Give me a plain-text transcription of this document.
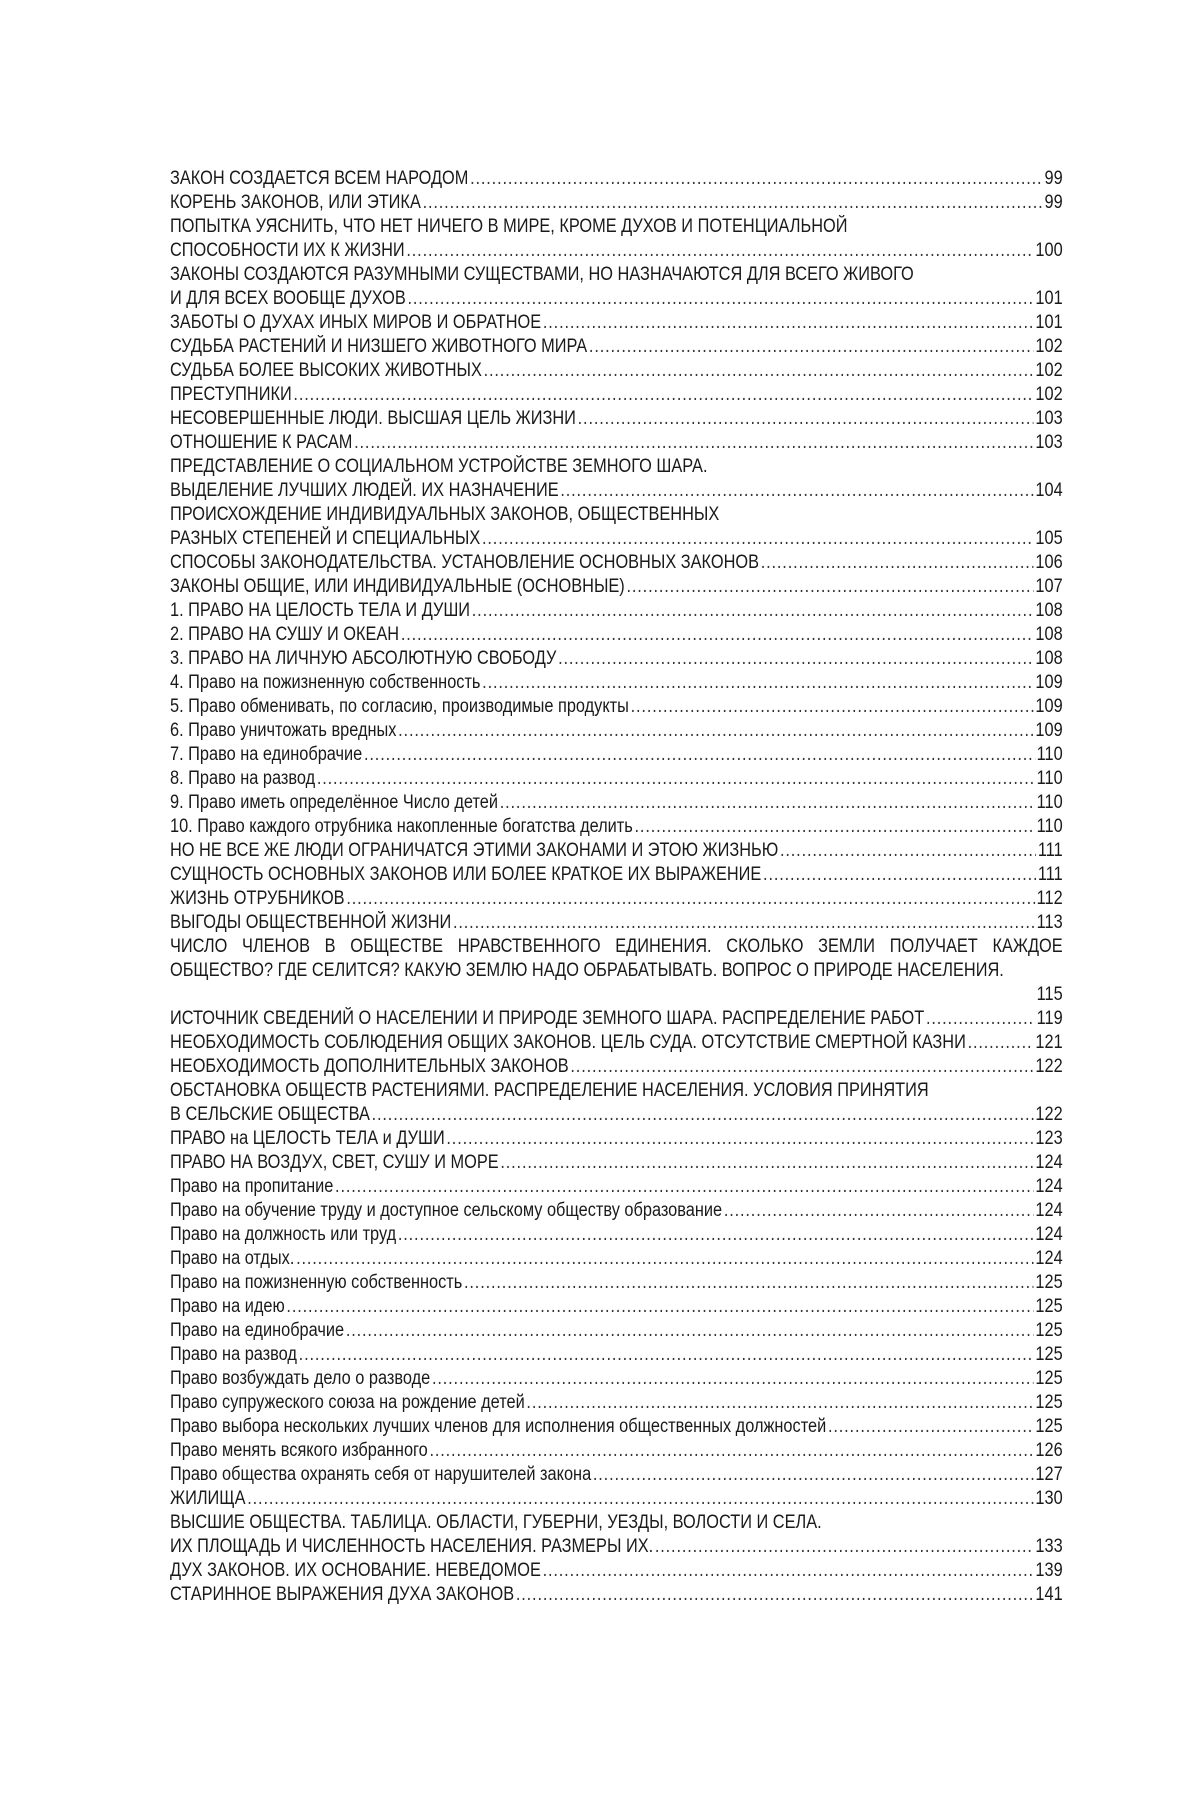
ЗАКОН СОЗДАЕТСЯ ВСЕМ НАРОДОМ .....	99
КОРЕНЬ ЗАКОНОВ, ИЛИ ЭТИКА .....	99
ПОПЫТКА УЯСНИТЬ, ЧТО НЕТ НИЧЕГО В МИРЕ, КРОМЕ ДУХОВ И ПОТЕНЦИАЛЬНОЙ
СПОСОБНОСТИ ИХ К ЖИЗНИ .....	100
ЗАКОНЫ СОЗДАЮТСЯ РАЗУМНЫМИ СУЩЕСТВАМИ, НО НАЗНАЧАЮТСЯ ДЛЯ ВСЕГО ЖИВОГО
И ДЛЯ ВСЕХ ВООБЩЕ ДУХОВ .....	101
ЗАБОТЫ О ДУХАХ ИНЫХ МИРОВ И ОБРАТНОЕ .....	101
СУДЬБА РАСТЕНИЙ И НИЗШЕГО ЖИВОТНОГО МИРА .....	102
СУДЬБА БОЛЕЕ ВЫСОКИХ ЖИВОТНЫХ .....	102
ПРЕСТУПНИКИ .....	102
НЕСОВЕРШЕННЫЕ ЛЮДИ. ВЫСШАЯ ЦЕЛЬ ЖИЗНИ .....	103
ОТНОШЕНИЕ К РАСАМ .....	103
ПРЕДСТАВЛЕНИЕ О СОЦИАЛЬНОМ УСТРОЙСТВЕ ЗЕМНОГО ШАРА.
ВЫДЕЛЕНИЕ ЛУЧШИХ ЛЮДЕЙ. ИХ НАЗНАЧЕНИЕ .....	104
ПРОИСХОЖДЕНИЕ ИНДИВИДУАЛЬНЫХ ЗАКОНОВ, ОБЩЕСТВЕННЫХ
РАЗНЫХ СТЕПЕНЕЙ И СПЕЦИАЛЬНЫХ .....	105
СПОСОБЫ ЗАКОНОДАТЕЛЬСТВА. УСТАНОВЛЕНИЕ ОСНОВНЫХ ЗАКОНОВ .....	106
ЗАКОНЫ ОБЩИЕ, ИЛИ ИНДИВИДУАЛЬНЫЕ (ОСНОВНЫЕ) .....	107
1. ПРАВО НА ЦЕЛОСТЬ ТЕЛА И ДУШИ .....	108
2. ПРАВО НА СУШУ И ОКЕАН .....	108
3. ПРАВО НА ЛИЧНУЮ АБСОЛЮТНУЮ СВОБОДУ .....	108
4. Право на пожизненную собственность .....	109
5. Право обменивать, по согласию, производимые продукты .....	109
6. Право уничтожать вредных .....	109
7. Право на единобрачие .....	110
8. Право на развод .....	110
9. Право иметь определённое Число детей .....	110
10. Право каждого отрубника накопленные богатства делить .....	110
НО НЕ ВСЕ ЖЕ ЛЮДИ ОГРАНИЧАТСЯ ЭТИМИ ЗАКОНАМИ И ЭТОЮ ЖИЗНЬЮ .....	111
СУЩНОСТЬ ОСНОВНЫХ ЗАКОНОВ ИЛИ БОЛЕЕ КРАТКОЕ ИХ ВЫРАЖЕНИЕ .....	111
ЖИЗНЬ ОТРУБНИКОВ .....	112
ВЫГОДЫ ОБЩЕСТВЕННОЙ ЖИЗНИ .....	113
ЧИСЛО ЧЛЕНОВ В ОБЩЕСТВЕ НРАВСТВЕННОГО ЕДИНЕНИЯ. СКОЛЬКО ЗЕМЛИ ПОЛУЧАЕТ КАЖДОЕ ОБЩЕСТВО? ГДЕ СЕЛИТСЯ? КАКУЮ ЗЕМЛЮ НАДО ОБРАБАТЫВАТЬ. ВОПРОС О ПРИРОДЕ НАСЕЛЕНИЯ.
115
ИСТОЧНИК СВЕДЕНИЙ О НАСЕЛЕНИИ И ПРИРОДЕ ЗЕМНОГО ШАРА. РАСПРЕДЕЛЕНИЕ РАБОТ .....	119
НЕОБХОДИМОСТЬ СОБЛЮДЕНИЯ ОБЩИХ ЗАКОНОВ. ЦЕЛЬ СУДА. ОТСУТСТВИЕ СМЕРТНОЙ КАЗНИ .....	121
НЕОБХОДИМОСТЬ ДОПОЛНИТЕЛЬНЫХ ЗАКОНОВ .....	122
ОБСТАНОВКА ОБЩЕСТВ РАСТЕНИЯМИ. РАСПРЕДЕЛЕНИЕ НАСЕЛЕНИЯ. УСЛОВИЯ ПРИНЯТИЯ
В СЕЛЬСКИЕ ОБЩЕСТВА .....	122
ПРАВО на ЦЕЛОСТЬ ТЕЛА и ДУШИ .....	123
ПРАВО НА ВОЗДУХ, СВЕТ, СУШУ И МОРЕ .....	124
Право на пропитание .....	124
Право на обучение труду и доступное сельскому обществу образование .....	124
Право на должность или труд .....	124
Право на отдых. .....	124
Право на пожизненную собственность .....	125
Право на идею .....	125
Право на единобрачие .....	125
Право на развод .....	125
Право возбуждать дело о разводе .....	125
Право супружеского союза на рождение детей .....	125
Право выбора нескольких лучших членов для исполнения общественных должностей .....	125
Право менять всякого избранного .....	126
Право общества охранять себя от нарушителей закона .....	127
ЖИЛИЩА .....	130
ВЫСШИЕ ОБЩЕСТВА. ТАБЛИЦА. ОБЛАСТИ, ГУБЕРНИ, УЕЗДЫ, ВОЛОСТИ И СЕЛА.
ИХ ПЛОЩАДЬ И ЧИСЛЕННОСТЬ НАСЕЛЕНИЯ. РАЗМЕРЫ ИХ. .....	133
ДУХ ЗАКОНОВ. ИХ ОСНОВАНИЕ. НЕВЕДОМОЕ .....	139
СТАРИННОЕ ВЫРАЖЕНИЯ ДУХА ЗАКОНОВ .....	141
